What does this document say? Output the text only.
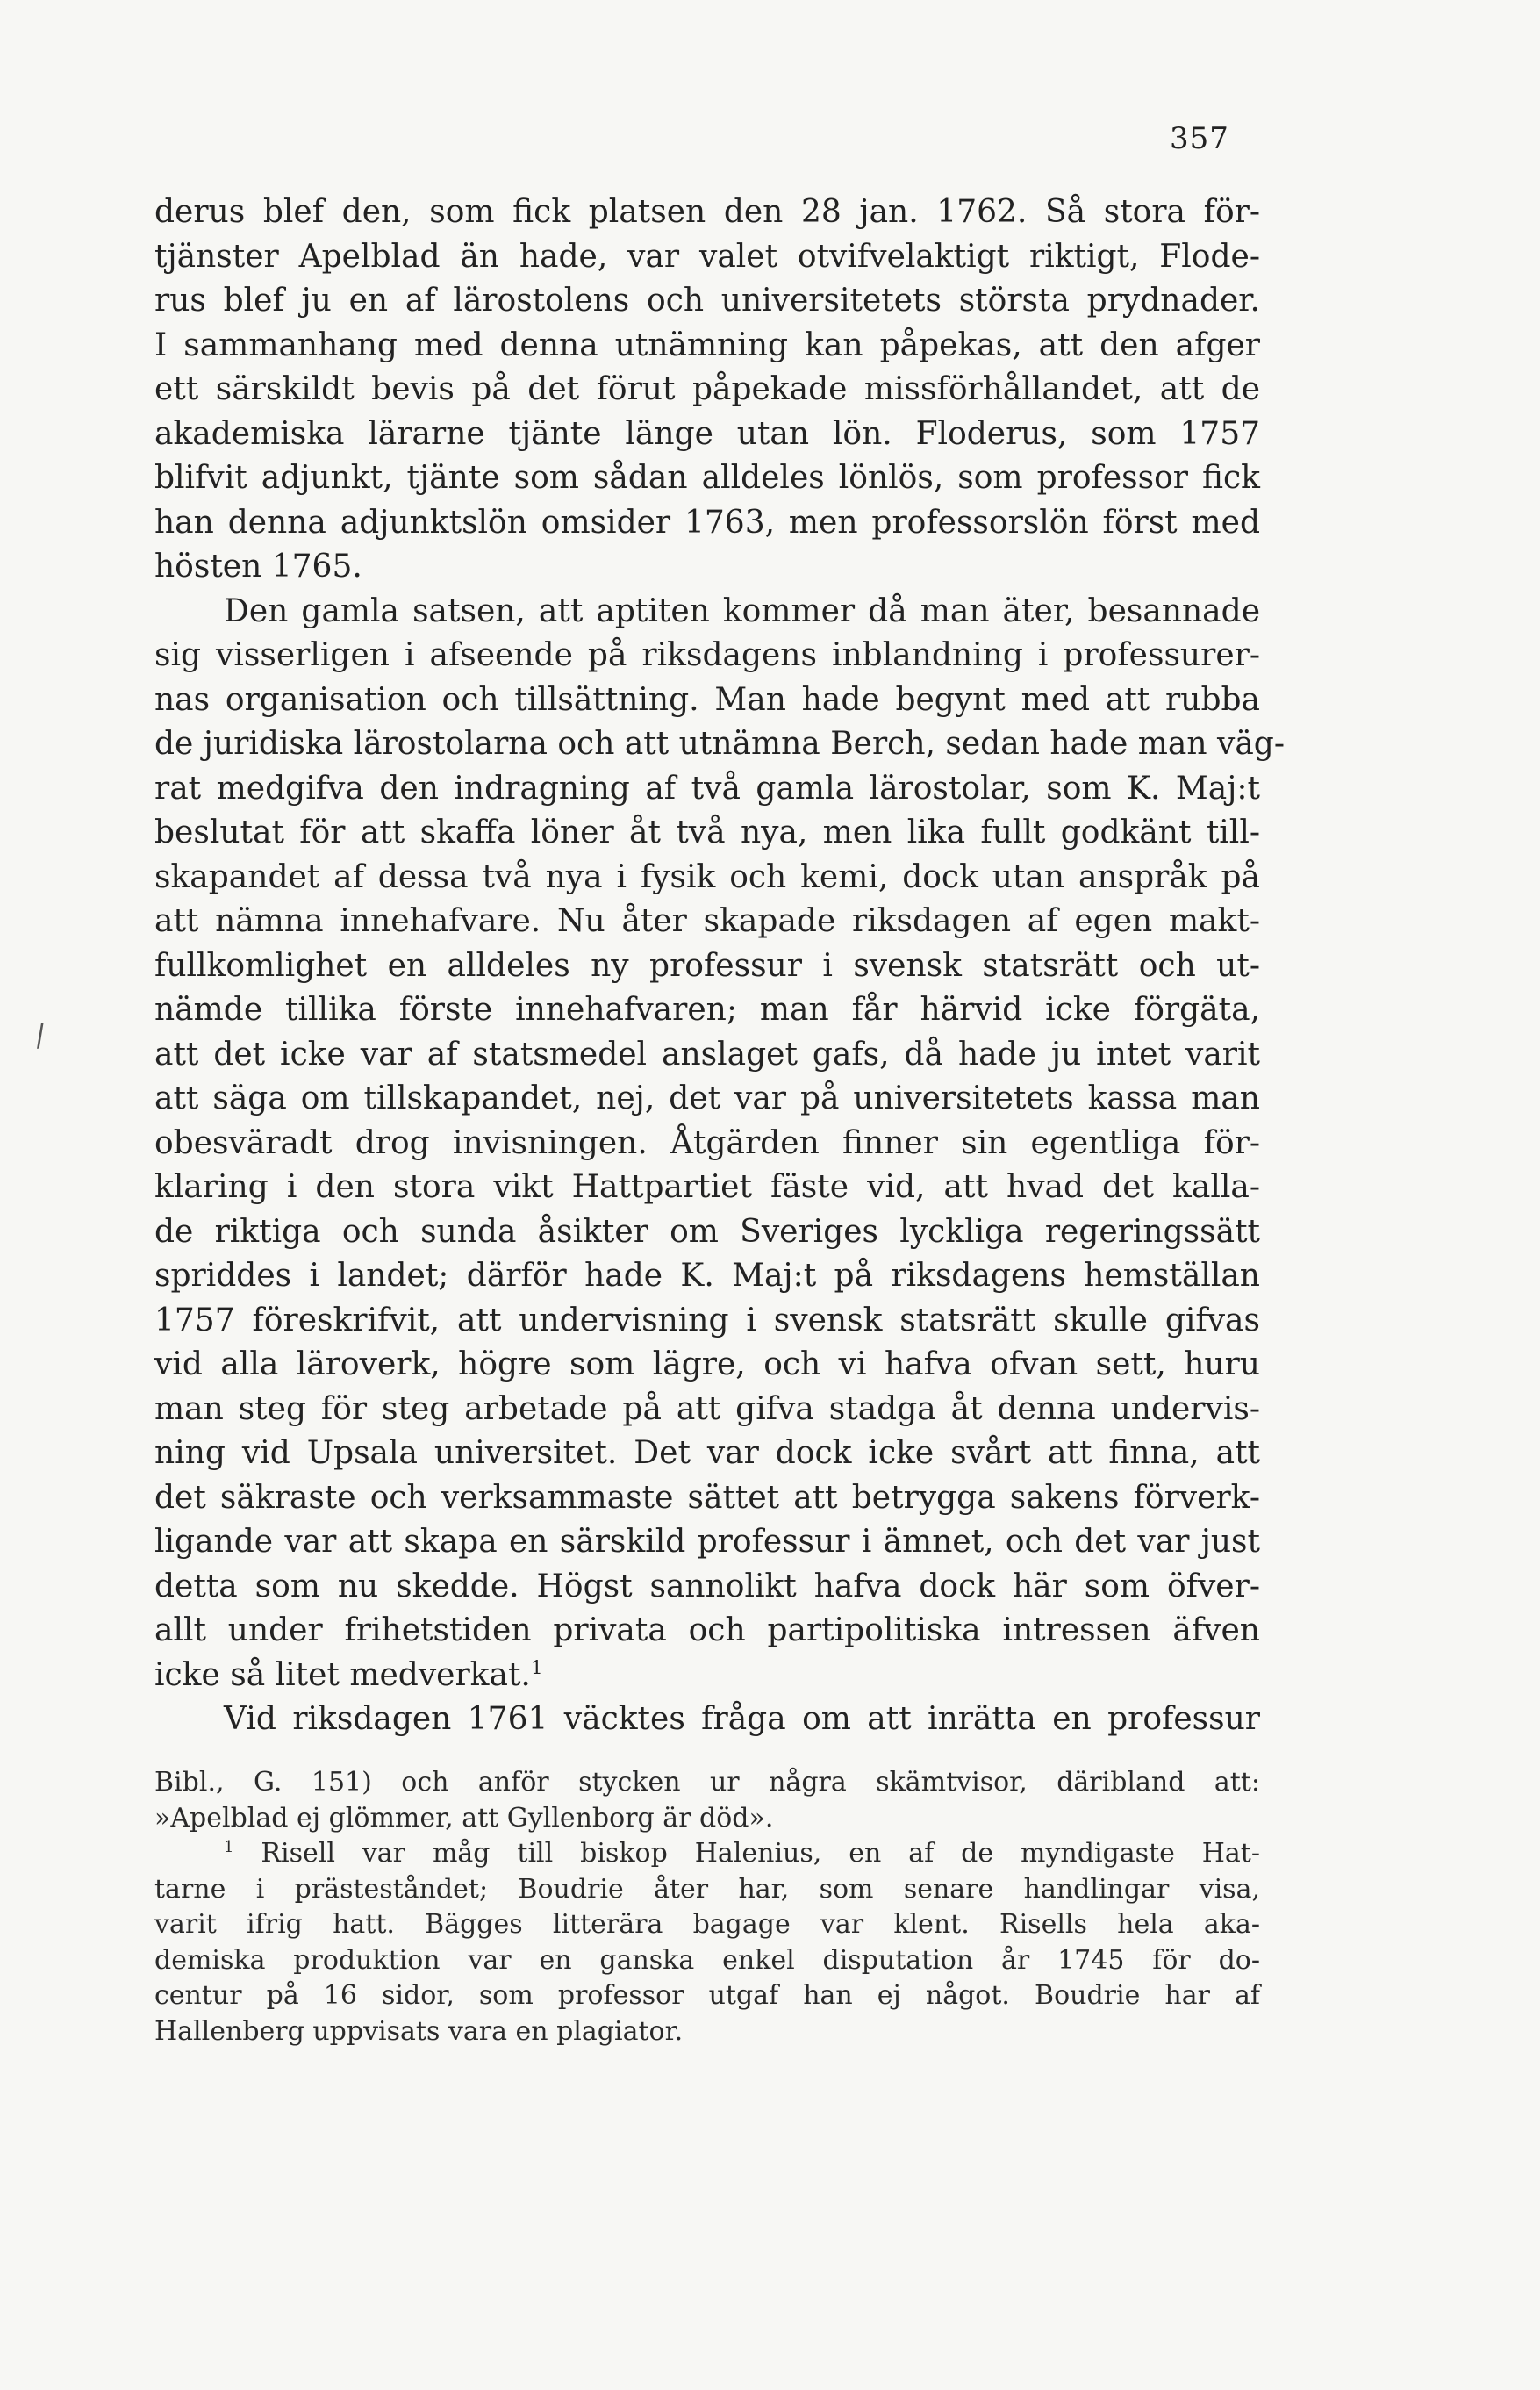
357
/
derus blef den, som fick platsen den 28 jan. 1762. Så stora för-
tjänster Apelblad än hade, var valet otvifvelaktigt riktigt, Flode-
rus blef ju en af lärostolens och universitetets största prydnader.
I sammanhang med denna utnämning kan påpekas, att den afger
ett särskildt bevis på det förut påpekade missförhållandet, att de
akademiska lärarne tjänte länge utan lön. Floderus, som 1757
blifvit adjunkt, tjänte som sådan alldeles lönlös, som professor fick
han denna adjunktslön omsider 1763, men professorslön först med
hösten 1765.
Den gamla satsen, att aptiten kommer då man äter, besannade
sig visserligen i afseende på riksdagens inblandning i professurer-
nas organisation och tillsättning. Man hade begynt med att rubba
de juridiska lärostolarna och att utnämna Berch, sedan hade man väg-
rat medgifva den indragning af två gamla lärostolar, som K. Maj:t
beslutat för att skaffa löner åt två nya, men lika fullt godkänt till-
skapandet af dessa två nya i fysik och kemi, dock utan anspråk på
att nämna innehafvare. Nu åter skapade riksdagen af egen makt-
fullkomlighet en alldeles ny professur i svensk statsrätt och ut-
nämde tillika förste innehafvaren; man får härvid icke förgäta,
att det icke var af statsmedel anslaget gafs, då hade ju intet varit
att säga om tillskapandet, nej, det var på universitetets kassa man
obesväradt drog invisningen. Åtgärden finner sin egentliga för-
klaring i den stora vikt Hattpartiet fäste vid, att hvad det kalla-
de riktiga och sunda åsikter om Sveriges lyckliga regeringssätt
spriddes i landet; därför hade K. Maj:t på riksdagens hemställan
1757 föreskrifvit, att undervisning i svensk statsrätt skulle gifvas
vid alla läroverk, högre som lägre, och vi hafva ofvan sett, huru
man steg för steg arbetade på att gifva stadga åt denna undervis-
ning vid Upsala universitet. Det var dock icke svårt att finna, att
det säkraste och verksammaste sättet att betrygga sakens förverk-
ligande var att skapa en särskild professur i ämnet, och det var just
detta som nu skedde. Högst sannolikt hafva dock här som öfver-
allt under frihetstiden privata och partipolitiska intressen äfven
icke så litet medverkat.$^1$
Vid riksdagen 1761 väcktes fråga om att inrätta en professur
Bibl., G. 151) och anför stycken ur några skämtvisor, däribland att:
»Apelblad ej glömmer, att Gyllenborg är död».
$^1$ Risell var måg till biskop Halenius, en af de myndigaste Hat-
tarne i prästeståndet; Boudrie åter har, som senare handlingar visa,
varit ifrig hatt. Bägges litterära bagage var klent. Risells hela aka-
demiska produktion var en ganska enkel disputation år 1745 för do-
centur på 16 sidor, som professor utgaf han ej något. Boudrie har af
Hallenberg uppvisats vara en plagiator.
